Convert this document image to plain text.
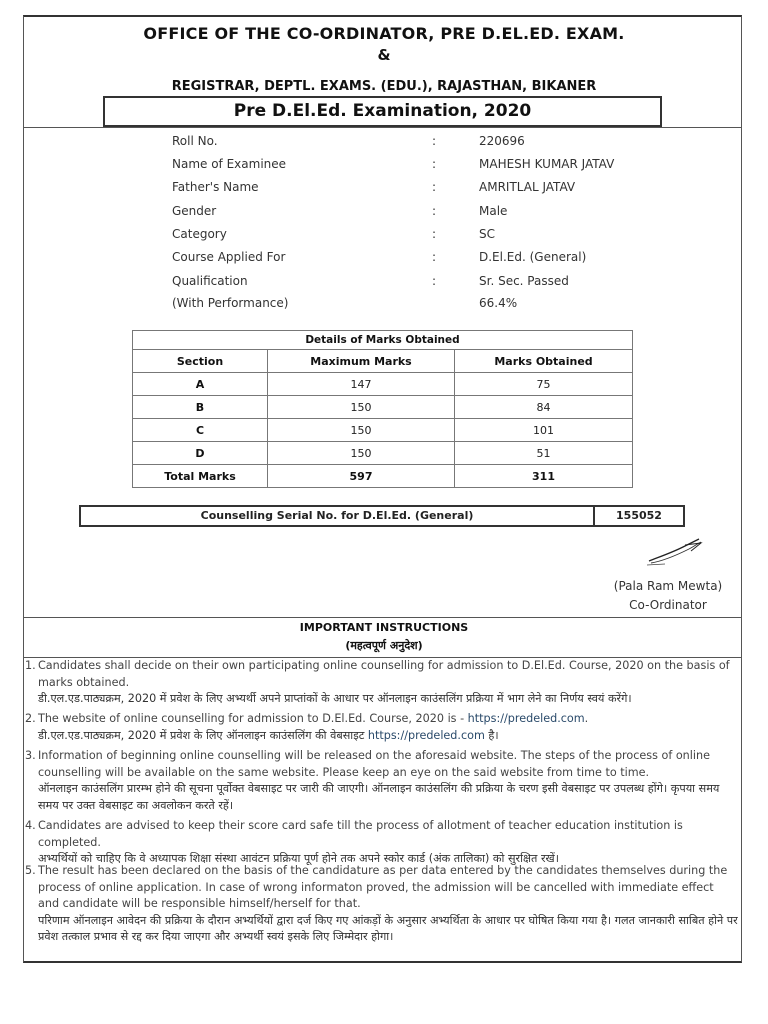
OFFICE OF THE CO-ORDINATOR, PRE D.EL.ED. EXAM.
&
REGISTRAR, DEPTL. EXAMS. (EDU.), RAJASTHAN, BIKANER
Pre D.El.Ed. Examination, 2020
Roll No.	:	220696
Name of Examinee	:	MAHESH KUMAR JATAV
Father's Name	:	AMRITLAL JATAV
Gender	:	Male
Category	:	SC
Course Applied For	:	D.El.Ed. (General)
Qualification	:	Sr. Sec. Passed
(With Performance)	66.4%
Details of Marks Obtained		
Section	Maximum Marks	Marks Obtained
A	147	75
B	150	84
C	150	101
D	150	51
Total Marks	597	311
Counselling Serial No. for D.El.Ed. (General)	155052
(Pala Ram Mewta)
Co-Ordinator
IMPORTANT INSTRUCTIONS
(महत्वपूर्ण अनुदेश)
1. Candidates shall decide on their own participating online counselling for admission to D.El.Ed. Course, 2020 on the basis of marks obtained.
डी.एल.एड.पाठ्यक्रम, 2020 में प्रवेश के लिए अभ्यर्थी अपने प्राप्तांकों के आधार पर ऑनलाइन काउंसलिंग प्रक्रिया में भाग लेने का निर्णय स्वयं करेंगे।
2. The website of online counselling for admission to D.El.Ed. Course, 2020 is - https://predeled.com.
डी.एल.एड.पाठ्यक्रम, 2020 में प्रवेश के लिए ऑनलाइन काउंसलिंग की वेबसाइट https://predeled.com है।
3. Information of beginning online counselling will be released on the aforesaid website. The steps of the process of online counselling will be available on the same website. Please keep an eye on the said website from time to time.
ऑनलाइन काउंसलिंग प्रारम्भ होने की सूचना पूर्वोक्त वेबसाइट पर जारी की जाएगी। ऑनलाइन काउंसलिंग की प्रक्रिया के चरण इसी वेबसाइट पर उपलब्ध होंगे। कृपया समय समय पर उक्त वेबसाइट का अवलोकन करते रहें।
4. Candidates are advised to keep their score card safe till the process of allotment of teacher education institution is completed.
अभ्यर्थियों को चाहिए कि वे अध्यापक शिक्षा संस्था आवंटन प्रक्रिया पूर्ण होने तक अपने स्कोर कार्ड (अंक तालिका) को सुरक्षित रखें।
5. The result has been declared on the basis of the candidature as per data entered by the candidates themselves during the process of online application. In case of wrong informaton proved, the admission will be cancelled with immediate effect and candidate will be responsible himself/herself for that.
परिणाम ऑनलाइन आवेदन की प्रक्रिया के दौरान अभ्यर्थियों द्वारा दर्ज किए गए आंकड़ों के अनुसार अभ्यर्थिता के आधार पर घोषित किया गया है। गलत जानकारी साबित होने पर प्रवेश तत्काल प्रभाव से रद्द कर दिया जाएगा और अभ्यर्थी स्वयं इसके लिए जिम्मेदार होगा।
